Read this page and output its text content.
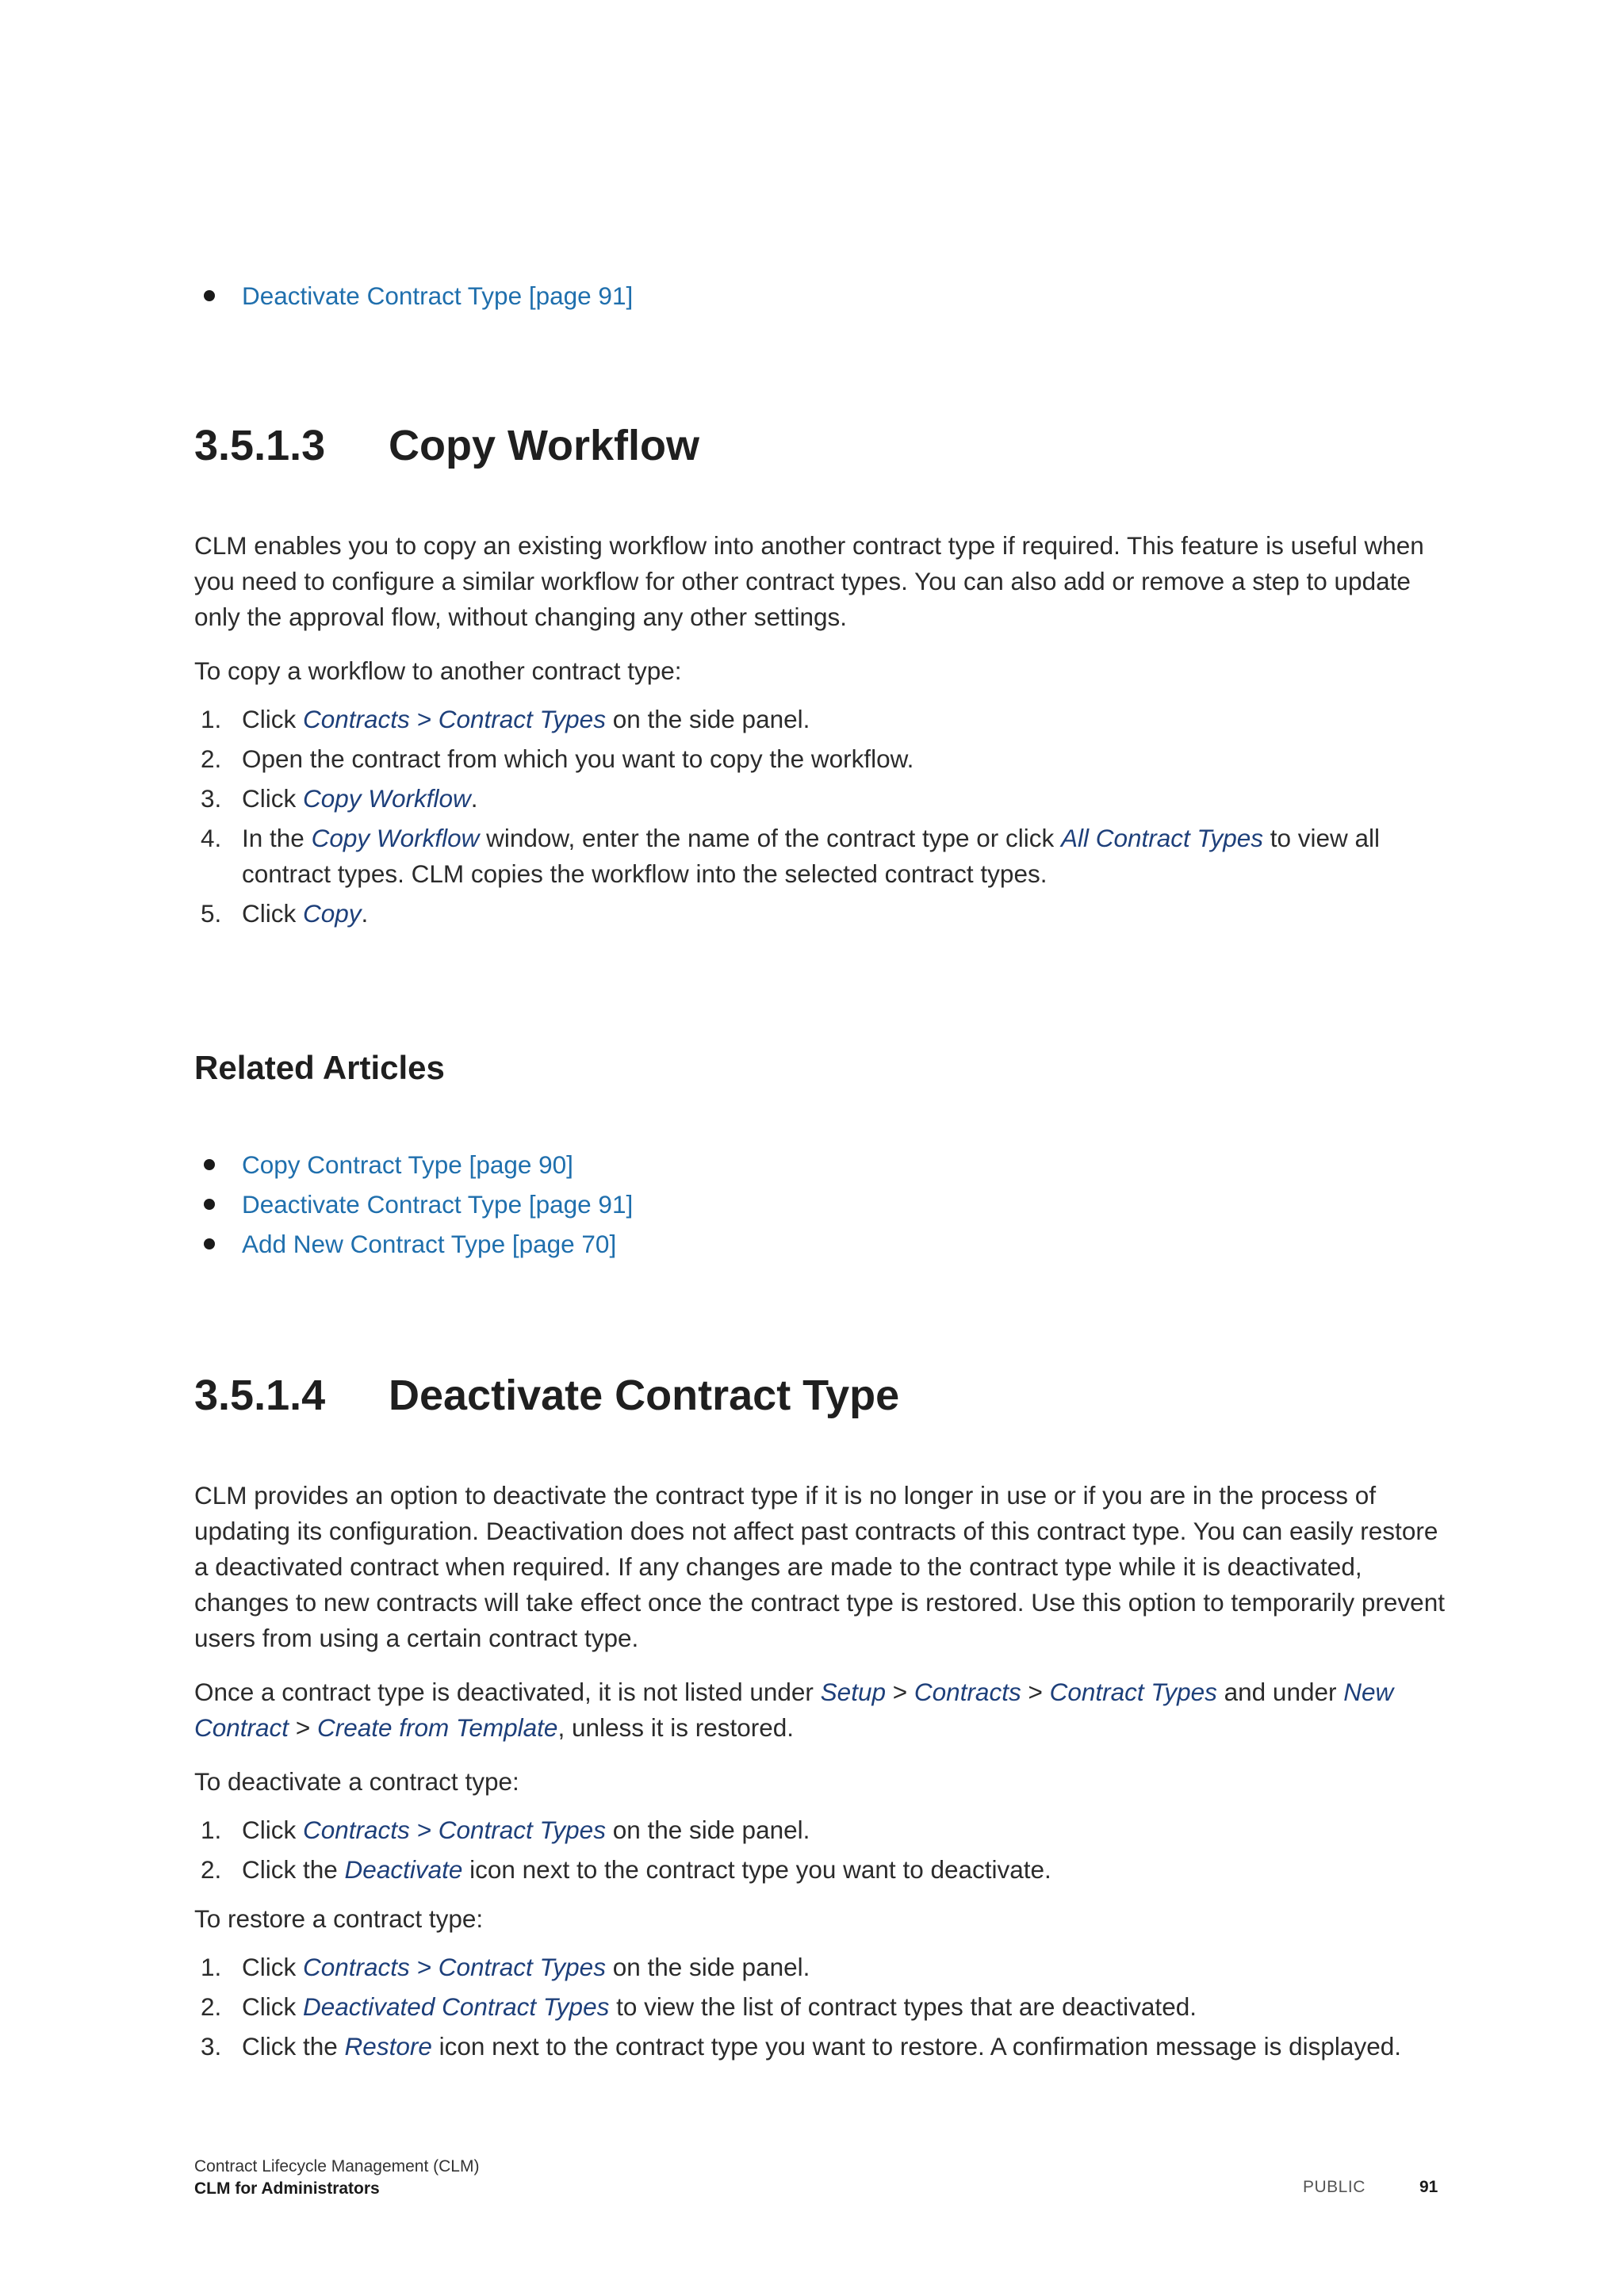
Deactivate Contract Type [page 91]
3.5.1.3 Copy Workflow

CLM enables you to copy an existing workflow into another contract type if required. This feature is useful when you need to configure a similar workflow for other contract types. You can also add or remove a step to update only the approval flow, without changing any other settings.

To copy a workflow to another contract type:

1. Click Contracts > Contract Types on the side panel.
2. Open the contract from which you want to copy the workflow.
3. Click Copy Workflow.
4. In the Copy Workflow window, enter the name of the contract type or click All Contract Types to view all contract types. CLM copies the workflow into the selected contract types.
5. Click Copy.
Related Articles
Copy Contract Type [page 90]
Deactivate Contract Type [page 91]
Add New Contract Type [page 70]
3.5.1.4 Deactivate Contract Type

CLM provides an option to deactivate the contract type if it is no longer in use or if you are in the process of updating its configuration. Deactivation does not affect past contracts of this contract type. You can easily restore a deactivated contract when required. If any changes are made to the contract type while it is deactivated, changes to new contracts will take effect once the contract type is restored. Use this option to temporarily prevent users from using a certain contract type.

Once a contract type is deactivated, it is not listed under Setup > Contracts > Contract Types and under New Contract > Create from Template, unless it is restored.

To deactivate a contract type:

1. Click Contracts > Contract Types on the side panel.
2. Click the Deactivate icon next to the contract type you want to deactivate.

To restore a contract type:

1. Click Contracts > Contract Types on the side panel.
2. Click Deactivated Contract Types to view the list of contract types that are deactivated.
3. Click the Restore icon next to the contract type you want to restore. A confirmation message is displayed.
Contract Lifecycle Management (CLM)
CLM for Administrators	PUBLIC	91
